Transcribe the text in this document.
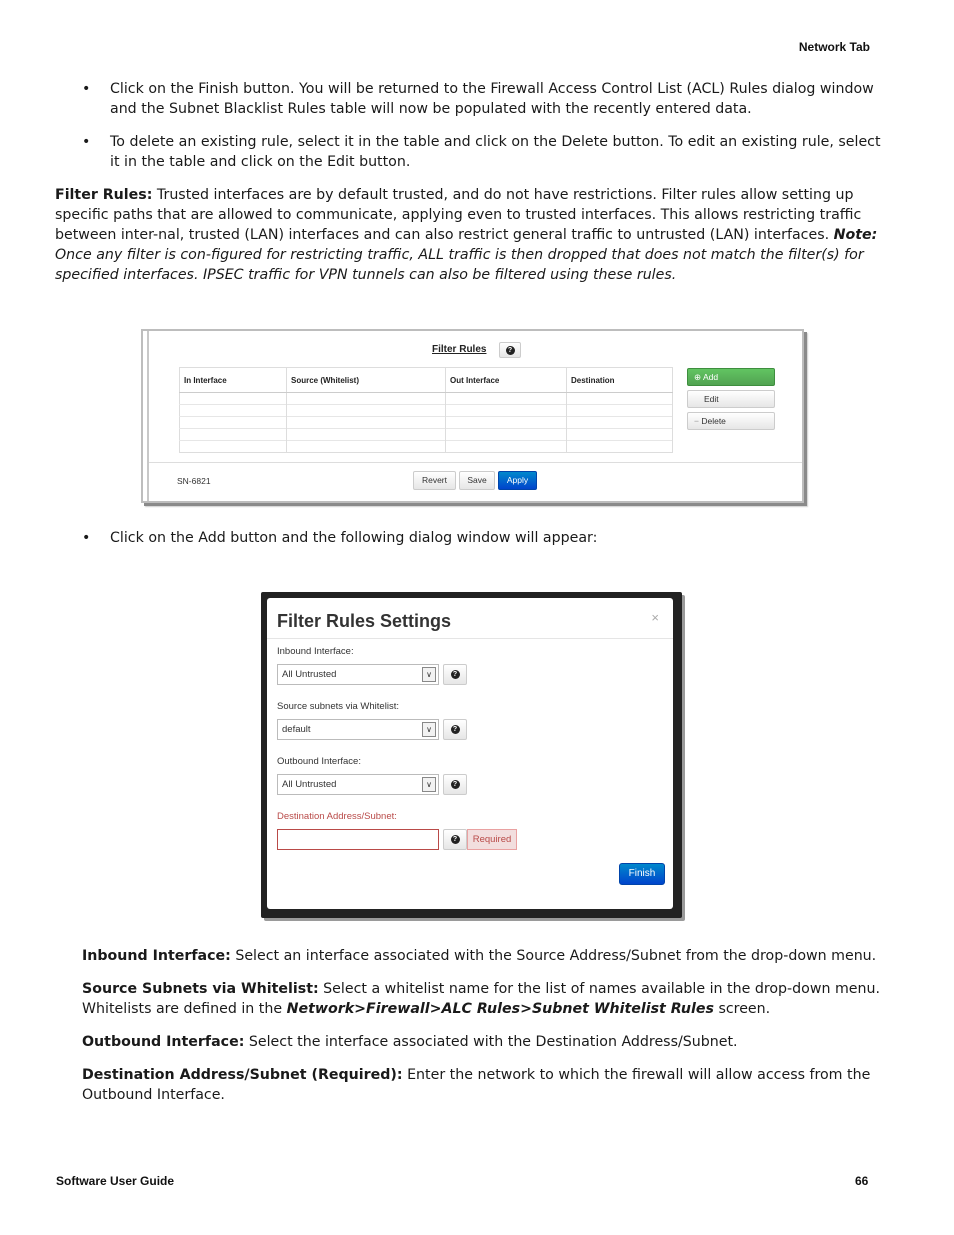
Network Tab
• Click on the Finish button. You will be returned to the Firewall Access Control List (ACL) Rules dialog window and the Subnet Blacklist Rules table will now be populated with the recently entered data.
• To delete an existing rule, select it in the table and click on the Delete button. To edit an existing rule, select it in the table and click on the Edit button.
Filter Rules: Trusted interfaces are by default trusted, and do not have restrictions. Filter rules allow setting up specific paths that are allowed to communicate, applying even to trusted interfaces. This allows restricting traffic between inter-nal, trusted (LAN) interfaces and can also restrict general traffic to untrusted (LAN) interfaces. Note: Once any filter is con-figured for restricting traffic, ALL traffic is then dropped that does not match the filter(s) for specified interfaces. IPSEC traffic for VPN tunnels can also be filtered using these rules.
Filter Rules	?
In Interface	Source (Whitelist)	Out Interface	Destination

				⊕ Add
Edit
− Delete
SN-6821	Revert	Save	Apply
• Click on the Add button and the following dialog window will appear:
Filter Rules Settings	×
Inbound Interface:
All Untrusted	∨	?
Source subnets via Whitelist:
default	∨	?
Outbound Interface:
All Untrusted	∨	?
Destination Address/Subnet:
?	Required
Finish
Inbound Interface: Select an interface associated with the Source Address/Subnet from the drop-down menu.
Source Subnets via Whitelist: Select a whitelist name for the list of names available in the drop-down menu. Whitelists are defined in the Network>Firewall>ALC Rules>Subnet Whitelist Rules screen.
Outbound Interface: Select the interface associated with the Destination Address/Subnet.
Destination Address/Subnet (Required): Enter the network to which the firewall will allow access from the Outbound Interface.
Software User Guide	66
